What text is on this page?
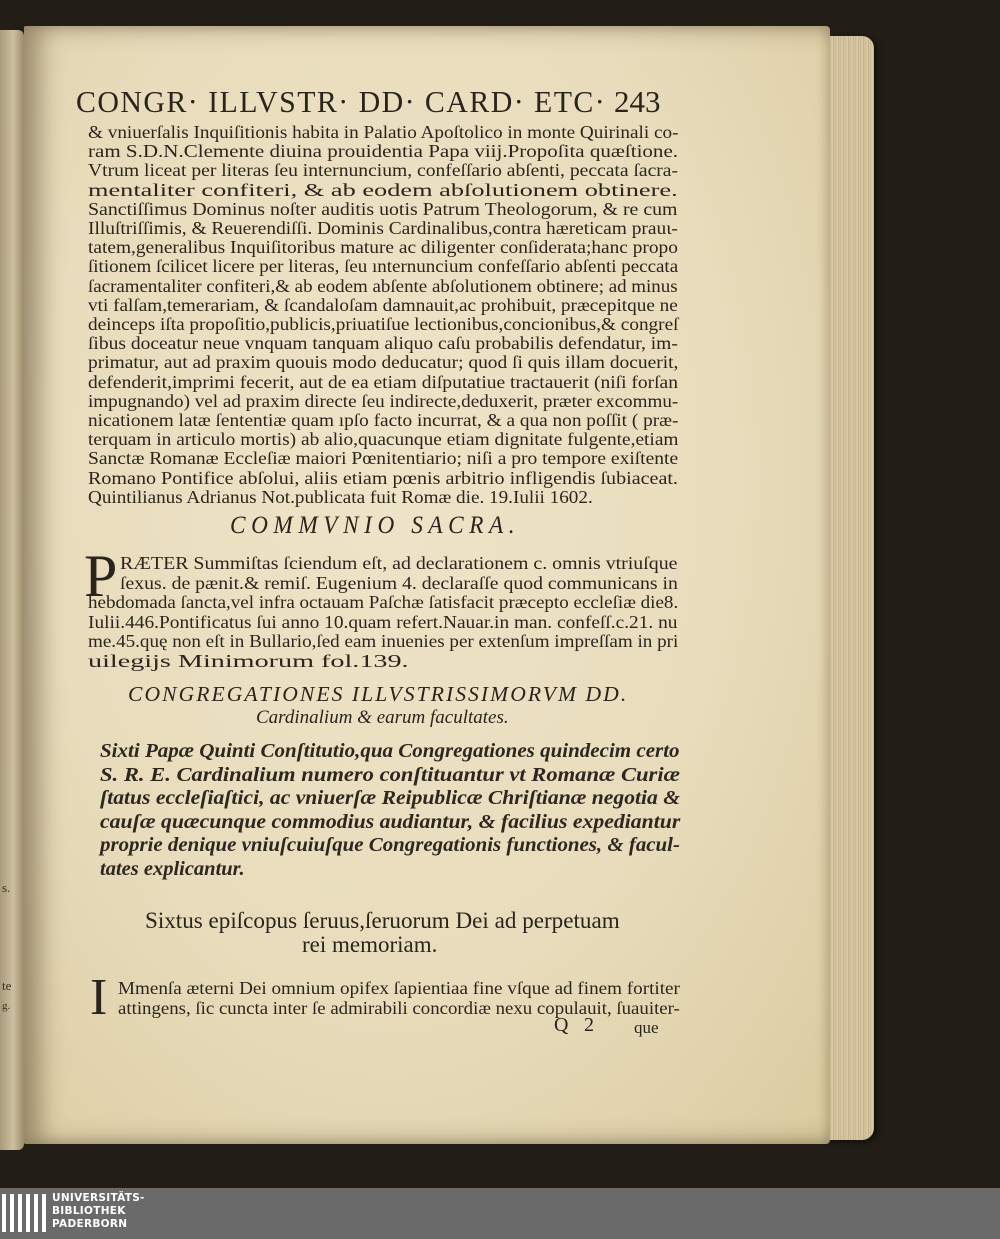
CONGR· ILLVSTR· DD· CARD· ETC· 243
& vniuerſalis Inquiſitionis habita in Palatio Apoſtolico in monte Quirinali co-
ram S.D.N.Clemente diuina prouidentia Papa viij.Propoſita quæſtione.
Vtrum liceat per literas ſeu internuncium, confeſſario abſenti, peccata ſacra-
mentaliter confiteri, & ab eodem abſolutionem obtinere.
Sanctiſſimus Dominus noſter auditis uotis Patrum Theologorum, & re cum
Illuſtriſſimis, & Reuerendiſſi. Dominis Cardinalibus,contra hæreticam prauι-
tatem,generalibus Inquiſitoribus mature ac diligenter conſiderata;hanc propo
ſitionem ſcilicet licere per literas, ſeu ınternuncium confeſſario abſenti peccata
ſacramentaliter confiteri,& ab eodem abſente abſolutionem obtinere; ad minus
vti falſam,temerariam, & ſcandaloſam damnauit,ac prohibuit, præcepitque ne
deinceps iſta propoſitio,publicis,priuatiſue lectionibus,concionibus,& congreſ
ſibus doceatur neue vnquam tanquam aliquo caſu probabilis defendatur, im-
primatur, aut ad praxim quouis modo deducatur; quod ſi quis illam docuerit,
defenderit,imprimi fecerit, aut de ea etiam diſputatiue tractauerit (niſi forſan
impugnando) vel ad praxim directe ſeu indirecte,deduxerit, præter excommu-
nicationem latæ ſententiæ quam ıpſo facto incurrat, & a qua non poſſit ( præ-
terquam in articulo mortis) ab alio,quacunque etiam dignitate fulgente,etiam
Sanctæ Romanæ Eccleſiæ maiori Pœnitentiario; niſi a pro tempore exiſtente
Romano Pontifice abſolui, aliis etiam pœnis arbitrio infligendis ſubiaceat.
Quintilianus Adrianus Not.publicata fuit Romæ die. 19.Iulii 1602.
COMMVNIO SACRA.
P RÆTER Summiſtas ſciendum eſt, ad declarationem c. omnis vtriuſque
ſexus. de pænit.& remiſ. Eugenium 4. declaraſſe quod communicans in
hebdomada ſancta,vel infra octauam Paſchæ ſatisfacit præcepto eccleſiæ die8.
Iulii.446.Pontificatus ſui anno 10.quam refert.Nauar.in man. confeſſ.c.21. nu
me.45.quę non eſt in Bullario,ſed eam inuenies per extenſum impreſſam in pri
uilegijs Minimorum fol.139.
CONGREGATIONES ILLVSTRISSIMORVM DD.
Cardinalium & earum facultates.
Sixti Papæ Quinti Conſtitutio,qua Congregationes quindecim certo
S. R. E. Cardinalium numero conſtituantur vt Romanæ Curiæ
ſtatus eccleſiaſtici, ac vniuerſæ Reipublicæ Chriſtianæ negotia &
cauſæ quæcunque commodius audiantur, & facilius expediantur
proprie denique vniuſcuiuſque Congregationis functiones, & facul-
tates explicantur.
Sixtus epiſcopus ſeruus,ſeruorum Dei ad perpetuam
rei memoriam.
I Mmenſa æterni Dei omnium opifex ſapientiaa fine vſque ad finem fortiter
attingens, ſic cuncta inter ſe admirabili concordiæ nexu copulauit, ſuauiter-
Q 2 que
s.
te
g.
UNIVERSITÄTS-
BIBLIOTHEK
PADERBORN
